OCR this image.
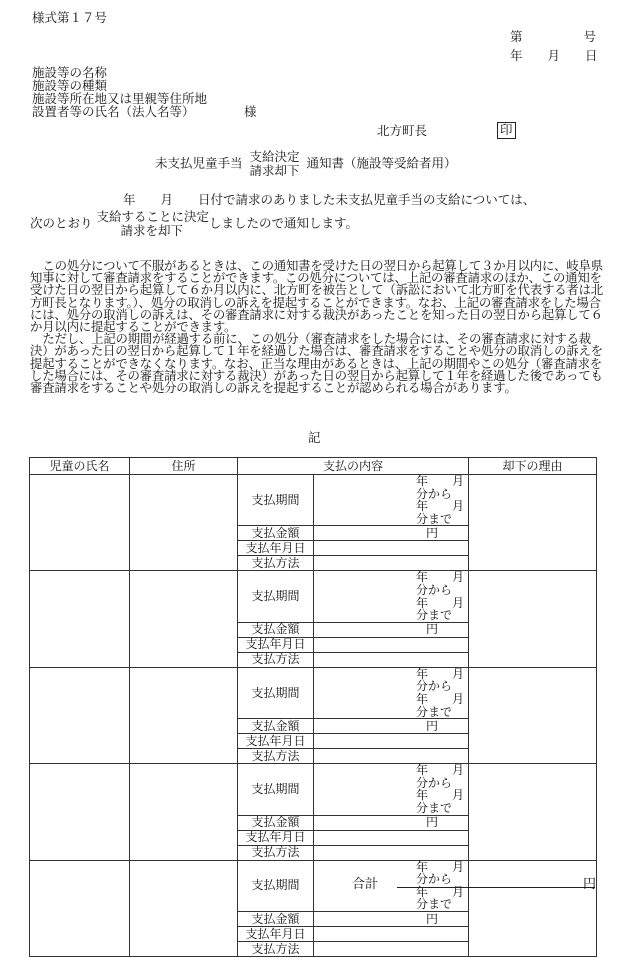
様式第１７号
第　　　号
年　　月　　日
施設等の名称
施設等の種類
施設等所在地又は里親等住所地
設置者等の氏名（法人名等）	様
北方町長	印
未支払児童手当 支給決定
請求却下 通知書（施設等受給者用）
年　　月　　日付で請求のありました未支払児童手当の支給については、
次のとおり 支給することに決定
請求を却下	しましたので通知します。

この処分について不服があるときは、この通知書を受けた日の翌日から起算して３か月以内に、岐阜県知事に対して審査請求をすることができます。この処分については、上記の審査請求のほか、この通知を受けた日の翌日から起算して６か月以内に、北方町を被告として（訴訟において北方町を代表する者は北方町長となります。）、処分の取消しの訴えを提起することができます。なお、上記の審査請求をした場合には、処分の取消しの訴えは、その審査請求に対する裁決があったことを知った日の翌日から起算して６か月以内に提起することができます。

ただし、上記の期間が経過する前に、この処分（審査請求をした場合には、その審査請求に対する裁決）があった日の翌日から起算して１年を経過した場合は、審査請求をすることや処分の取消しの訴えを提起することができなくなります。なお、正当な理由があるときは、上記の期間やこの処分（審査請求をした場合には、その審査請求に対する裁決）があった日の翌日から起算して１年を経過した後であっても審査請求をすることや処分の取消しの訴えを提起することが認められる場合があります。

記
児童の氏名	住所	支払の内容		却下の理由
		支払期間	年　　月分から
年　　月分まで	

		支払金額	円	
		支払年月日		
		支払方法		
		支払期間	年　　月分から
年　　月分まで	

		支払金額	円	
		支払年月日		
		支払方法		
		支払期間	年　　月分から
年　　月分まで	

		支払金額	円	
		支払年月日		
		支払方法		
		支払期間	年　　月分から
年　　月分まで	

		支払金額	円	
		支払年月日		
		支払方法		
		支払期間	年　　月分から
年　　月分まで	

		支払金額	円	
		支払年月日		
		支払方法		
合計	円
